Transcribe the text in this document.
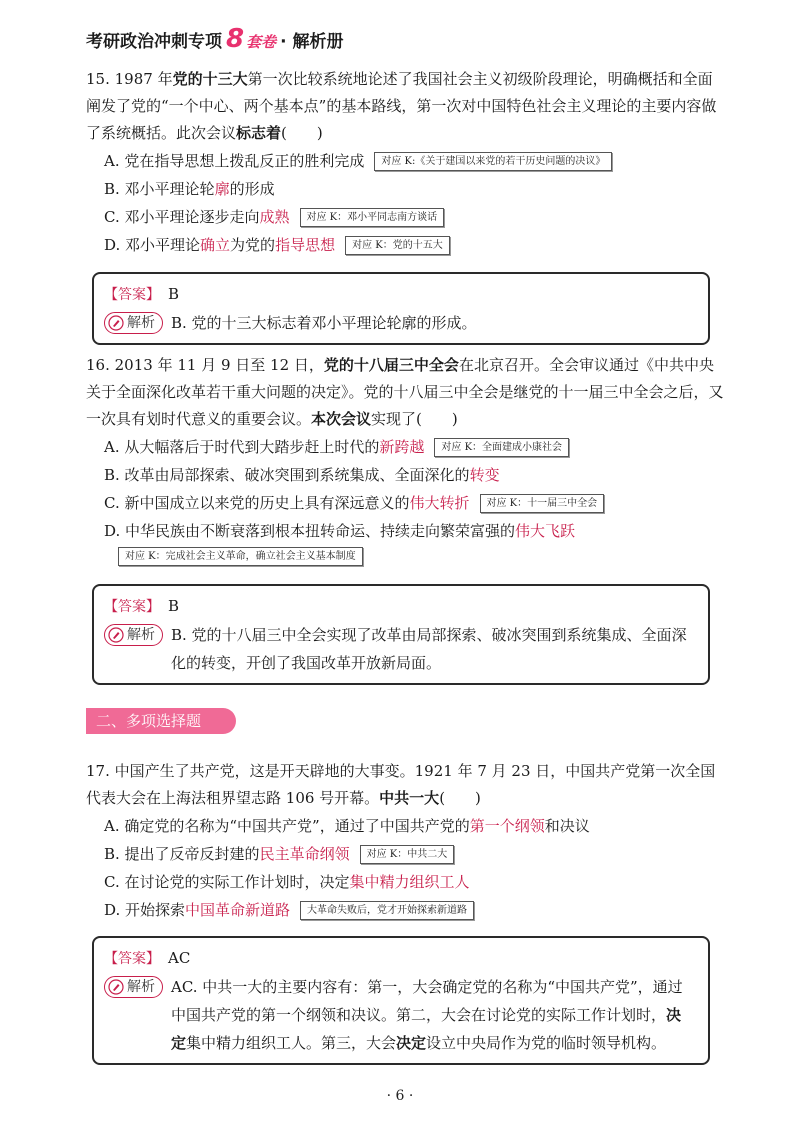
考研政治冲刺专项 8 套卷 · 解析册
15. 1987 年党的十三大第一次比较系统地论述了我国社会主义初级阶段理论，明确概括和全面阐发了党的“一个中心、两个基本点”的基本路线，第一次对中国特色社会主义理论的主要内容做了系统概括。此次会议标志着(　　)
A. 党在指导思想上拨乱反正的胜利完成	对应 K:《关于建国以来党的若干历史问题的决议》
B. 邓小平理论轮 廓 的形成
C. 邓小平理论逐步走向 成熟	对应 K：邓小平同志南方谈话
D. 邓小平理论 确立 为党的 指导思想	对应 K：党的十五大
【答案】 B
解析 B. 党的十三大标志着邓小平理论轮廓的形成。
16. 2013 年 11 月 9 日至 12 日，党的十八届三中全会在北京召开。全会审议通过《中共中央关于全面深化改革若干重大问题的决定》。党的十八届三中全会是继党的十一届三中全会之后，又一次具有划时代意义的重要会议。本次会议实现了(　　)
A. 从大幅落后于时代到大踏步赶上时代的 新跨越	对应 K：全面建成小康社会
B. 改革由局部探索、破冰突围到系统集成、全面深化的 转变
C. 新中国成立以来党的历史上具有深远意义的 伟大转折	对应 K：十一届三中全会
D. 中华民族由不断衰落到根本扭转命运、持续走向繁荣富强的 伟大飞跃
对应 K：完成社会主义革命，确立社会主义基本制度
【答案】 B
解析 B. 党的十八届三中全会实现了改革由局部探索、破冰突围到系统集成、全面深化的转变，开创了我国改革开放新局面。
二、多项选择题
17. 中国产生了共产党，这是开天辟地的大事变。1921 年 7 月 23 日，中国共产党第一次全国代表大会在上海法租界望志路 106 号开幕。中共一大(　　)
A. 确定党的名称为“中国共产党”，通过了中国共产党的 第一个纲领 和决议
B. 提出了反帝反封建的 民主革命纲领	对应 K：中共二大
C. 在讨论党的实际工作计划时，决定 集中精力组织工人
D. 开始探索 中国革命新道路	大革命失败后，党才开始探索新道路
【答案】 AC
解析 AC. 中共一大的主要内容有：第一，大会确定党的名称为“中国共产党”，通过中国共产党的第一个纲领和决议。第二，大会在讨论党的实际工作计划时，决定集中精力组织工人。第三，大会决定设立中央局作为党的临时领导机构。
· 6 ·
